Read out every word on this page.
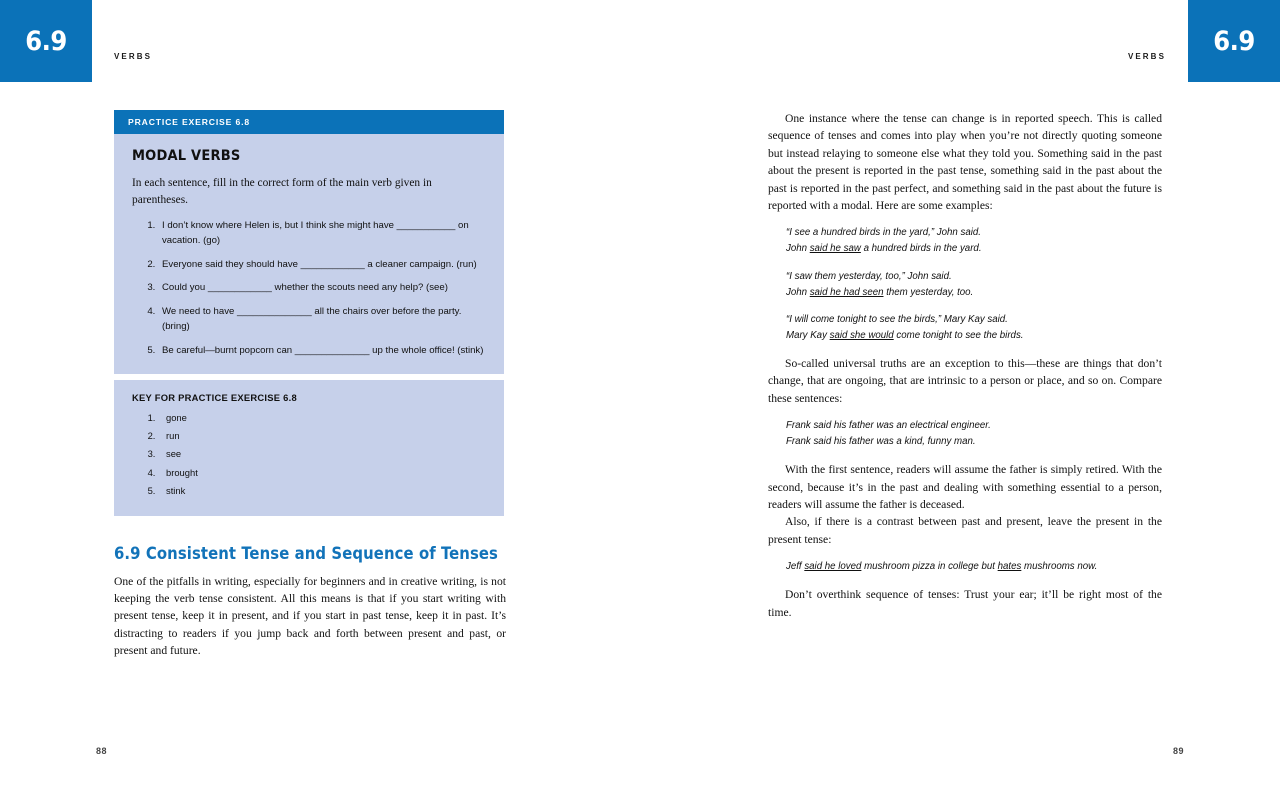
6.9	VERBS	VERBS 6.9
PRACTICE EXERCISE 6.8
MODAL VERBS

In each sentence, fill in the correct form of the main verb given in parentheses.

1. I don’t know where Helen is, but I think she might have ___________ on vacation. (go)
2. Everyone said they should have ____________ a cleaner campaign. (run)
3. Could you ____________ whether the scouts need any help? (see)
4. We need to have ______________ all the chairs over before the party. (bring)
5. Be careful—burnt popcorn can ______________ up the whole office! (stink)
KEY FOR PRACTICE EXERCISE 6.8
1. gone
2. run
3. see
4. brought
5. stink
6.9 Consistent Tense and Sequence of Tenses

One of the pitfalls in writing, especially for beginners and in creative writing, is not keeping the verb tense consistent. All this means is that if you start writing with present tense, keep it in present, and if you start in past tense, keep it in past. It’s distracting to readers if you jump back and forth between present and past, or present and future.

One instance where the tense can change is in reported speech. This is called sequence of tenses and comes into play when you’re not directly quoting someone but instead relaying to someone else what they told you. Something said in the past about the present is reported in the past tense, something said in the past about the past is reported in the past perfect, and something said in the past about the future is reported with a modal. Here are some examples:

“I see a hundred birds in the yard,” John said.
John said he saw a hundred birds in the yard.
“I saw them yesterday, too,” John said.
John said he had seen them yesterday, too.
“I will come tonight to see the birds,” Mary Kay said.
Mary Kay said she would come tonight to see the birds.

So-called universal truths are an exception to this—these are things that don’t change, that are ongoing, that are intrinsic to a person or place, and so on. Compare these sentences:

Frank said his father was an electrical engineer.
Frank said his father was a kind, funny man.

With the first sentence, readers will assume the father is simply retired. With the second, because it’s in the past and dealing with something essential to a person, readers will assume the father is deceased.

Also, if there is a contrast between past and present, leave the present in the present tense:

Jeff said he loved mushroom pizza in college but hates mushrooms now.

Don’t overthink sequence of tenses: Trust your ear; it’ll be right most of the time.

88	89
